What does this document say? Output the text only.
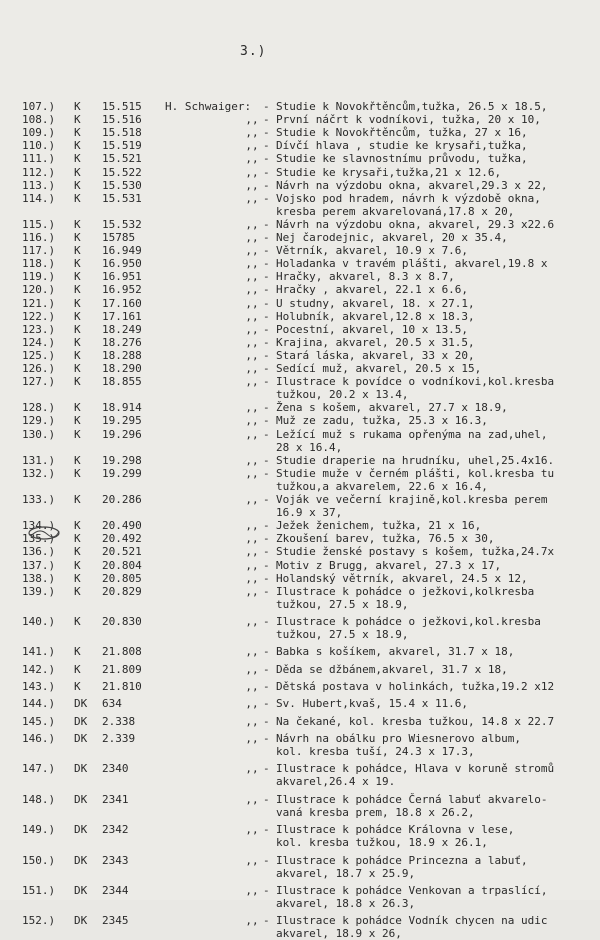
3.)
107.)	K	15.515	H. Schwaiger:	- Studie k Novokřtěncům,tužka, 26.5 x 18.5,
108.)	K	15.516	,, - První náčrt k vodníkovi, tužka, 20 x 10,
109.)	K	15.518	,, - Studie k Novokřtěncům, tužka, 27 x 16,
110.)	K	15.519	,, - Dívčí hlava , studie ke krysaři,tužka,
111.)	K	15.521	,, - Studie ke slavnostnímu průvodu, tužka,
112.)	K	15.522	,, - Studie ke krysaři,tužka,21 x 12.6,
113.)	K	15.530	,, - Návrh na výzdobu okna, akvarel,29.3 x 22,
114.)	K	15.531	,, - Vojsko pod hradem, návrh k výzdobě okna,
kresba perem akvarelovaná,17.8 x 20,
115.)	K	15.532	,, - Návrh na výzdobu okna, akvarel, 29.3 x22.6
116.)	K	15785	,, - Nej čarodejnic, akvarel, 20 x 35.4,
117.)	K	16.949	,, - Větrník, akvarel, 10.9 x 7.6,
118.)	K	16.950	,, - Holadanka v travém plášti, akvarel,19.8 x
119.)	K	16.951	,, - Hračky, akvarel, 8.3 x 8.7,
120.)	K	16.952	,, - Hračky , akvarel, 22.1 x 6.6,
121.)	K	17.160	,, - U studny, akvarel, 18. x 27.1,
122.)	K	17.161	,, - Holubník, akvarel,12.8 x 18.3,
123.)	K	18.249	,, - Pocestní, akvarel, 10 x 13.5,
124.)	K	18.276	,, - Krajina, akvarel, 20.5 x 31.5,
125.)	K	18.288	,, - Stará láska, akvarel, 33 x 20,
126.)	K	18.290	,, - Sedící muž, akvarel, 20.5 x 15,
127.)	K	18.855	,, - Ilustrace k povídce o vodníkovi,kol.kresba
tužkou, 20.2 x 13.4,
128.)	K	18.914	,, - Žena s košem, akvarel, 27.7 x 18.9,
129.)	K	19.295	,, - Muž ze zadu, tužka, 25.3 x 16.3,
130.)	K	19.296	,, - Ležící muž s rukama opřenýma na zad,uhel,
28 x 16.4,
131.)	K	19.298	,, - Studie draperie na hrudníku, uhel,25.4x16.
132.)	K	19.299	,, - Studie muže v černém plášti, kol.kresba tu
tužkou,a akvarelem, 22.6 x 16.4,
133.)	K	20.286	,, - Voják ve večerní krajině,kol.kresba perem
16.9 x 37,
134.)	K	20.490	,, - Ježek ženichem, tužka, 21 x 16,
135.)	K	20.492	,, - Zkoušení barev, tužka, 76.5 x 30,
136.)	K	20.521	,, - Studie ženské postavy s košem, tužka,24.7x
137.)	K	20.804	,, - Motiv z Brugg, akvarel, 27.3 x 17,
138.)	K	20.805	,, - Holandský větrník, akvarel, 24.5 x 12,
139.)	K	20.829	,, - Ilustrace k pohádce o ježkovi,kolkresba
tužkou, 27.5 x 18.9,
140.)	K	20.830	,, - Ilustrace k pohádce o ježkovi,kol.kresba
tužkou, 27.5 x 18.9,
141.)	K	21.808	,, - Babka s košíkem, akvarel, 31.7 x 18,
142.)	K	21.809	,, - Děda se džbánem,akvarel, 31.7 x 18,
143.)	K	21.810	,, - Dětská postava v holinkách, tužka,19.2 x12
144.)	DK	634	,, - Sv. Hubert,kvaš, 15.4 x 11.6,
145.)	DK	2.338	,, - Na čekané, kol. kresba tužkou, 14.8 x 22.7
146.)	DK	2.339	,, - Návrh na obálku pro Wiesnerovo album,
kol. kresba tuší, 24.3 x 17.3,
147.)	DK	2340	,, - Ilustrace k pohádce, Hlava v koruně stromů
akvarel,26.4 x 19.
148.)	DK	2341	,, - Ilustrace k pohádce Černá labuť akvarelo-
vaná kresba prem, 18.8 x 26.2,
149.)	DK	2342	,, - Ilustrace k pohádce Královna v lese,
kol. kresba tužkou, 18.9 x 26.1,
150.)	DK	2343	,, - Ilustrace k pohádce Princezna a labuť,
akvarel, 18.7 x 25.9,
151.)	DK	2344	,, - Ilustrace k pohádce Venkovan a trpaslící,
akvarel, 18.8 x 26.3,
152.)	DK	2345	,, - Ilustrace k pohádce Vodník chycen na udic
akvarel, 18.9 x 26,
